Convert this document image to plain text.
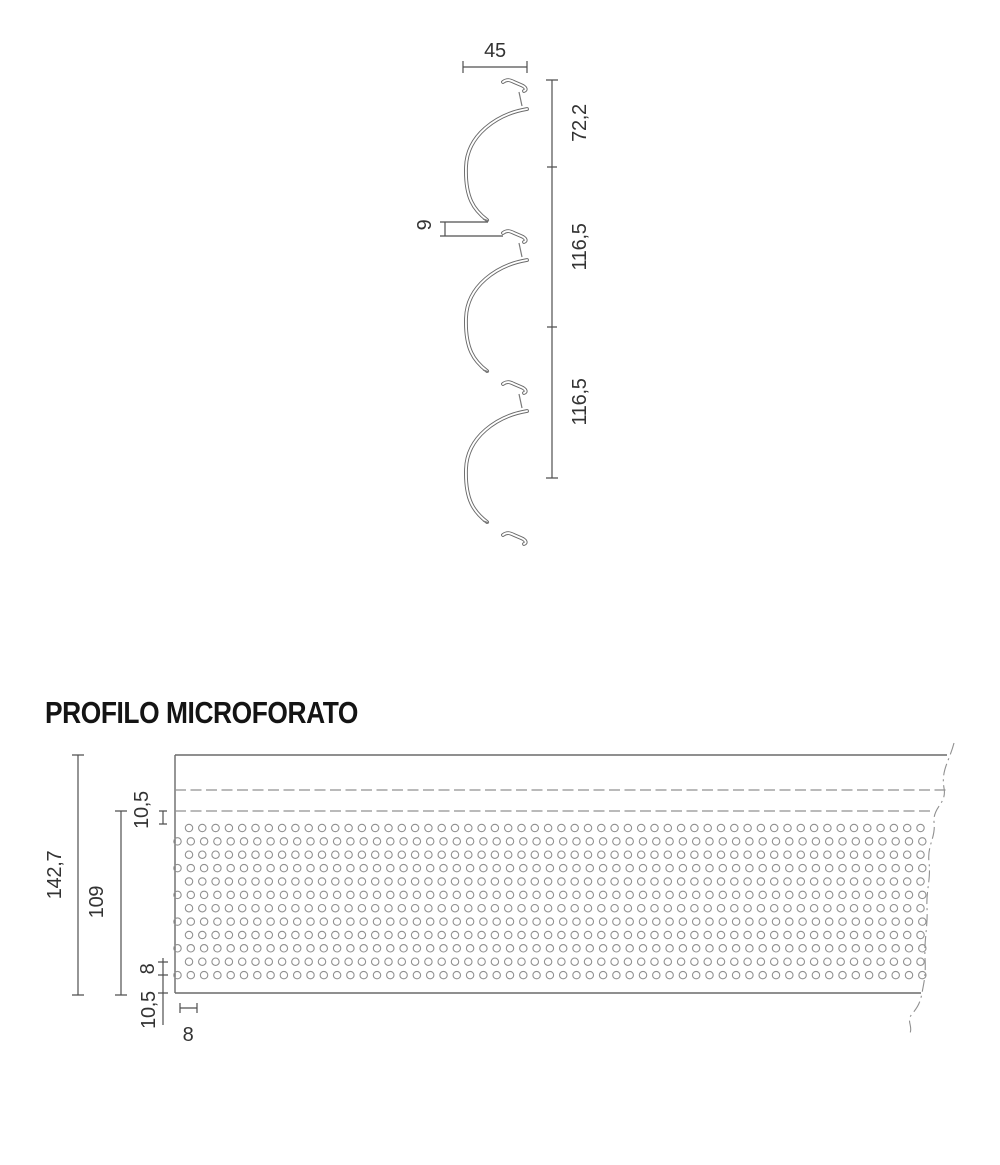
45
72,2
116,5
116,5
9
PROFILO MICROFORATO
142,7
109
10,5
8
10,5
8
